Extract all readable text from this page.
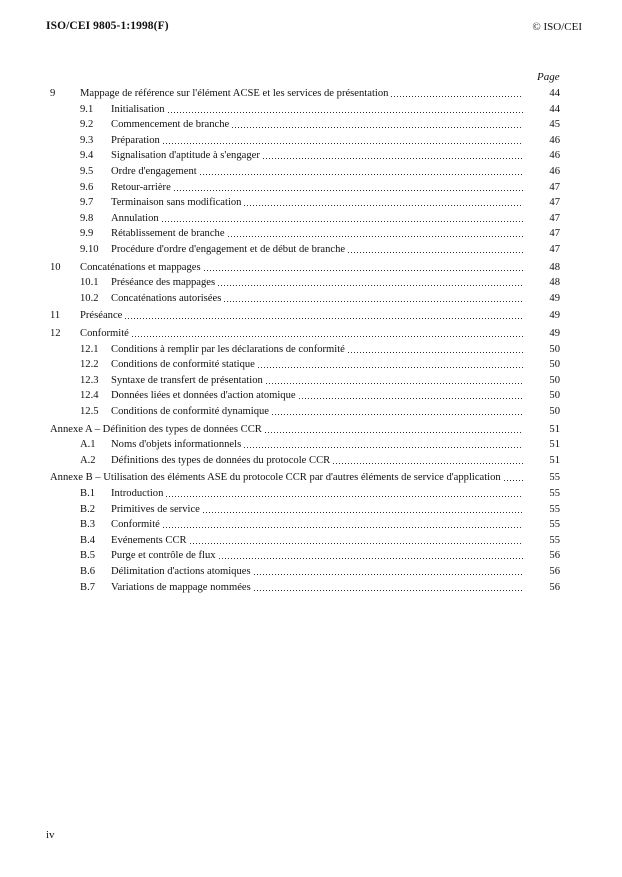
ISO/CEI 9805-1:1998(F)	© ISO/CEI
Page
9 Mappage de référence sur l'élément ACSE et les services de présentation	44
9.1 Initialisation	44
9.2 Commencement de branche	45
9.3 Préparation	46
9.4 Signalisation d'aptitude à s'engager	46
9.5 Ordre d'engagement	46
9.6 Retour-arrière	47
9.7 Terminaison sans modification	47
9.8 Annulation	47
9.9 Rétablissement de branche	47
9.10 Procédure d'ordre d'engagement et de début de branche	47
10 Concaténations et mappages	48
10.1 Préséance des mappages	48
10.2 Concaténations autorisées	49
11 Préséance	49
12 Conformité	49
12.1 Conditions à remplir par les déclarations de conformité	50
12.2 Conditions de conformité statique	50
12.3 Syntaxe de transfert de présentation	50
12.4 Données liées et données d'action atomique	50
12.5 Conditions de conformité dynamique	50
Annexe A – Définition des types de données CCR	51
A.1 Noms d'objets informationnels	51
A.2 Définitions des types de données du protocole CCR	51
Annexe B – Utilisation des éléments ASE du protocole CCR par d'autres éléments de service d'application	55
B.1 Introduction	55
B.2 Primitives de service	55
B.3 Conformité	55
B.4 Evénements CCR	55
B.5 Purge et contrôle de flux	56
B.6 Délimitation d'actions atomiques	56
B.7 Variations de mappage nommées	56
iv
